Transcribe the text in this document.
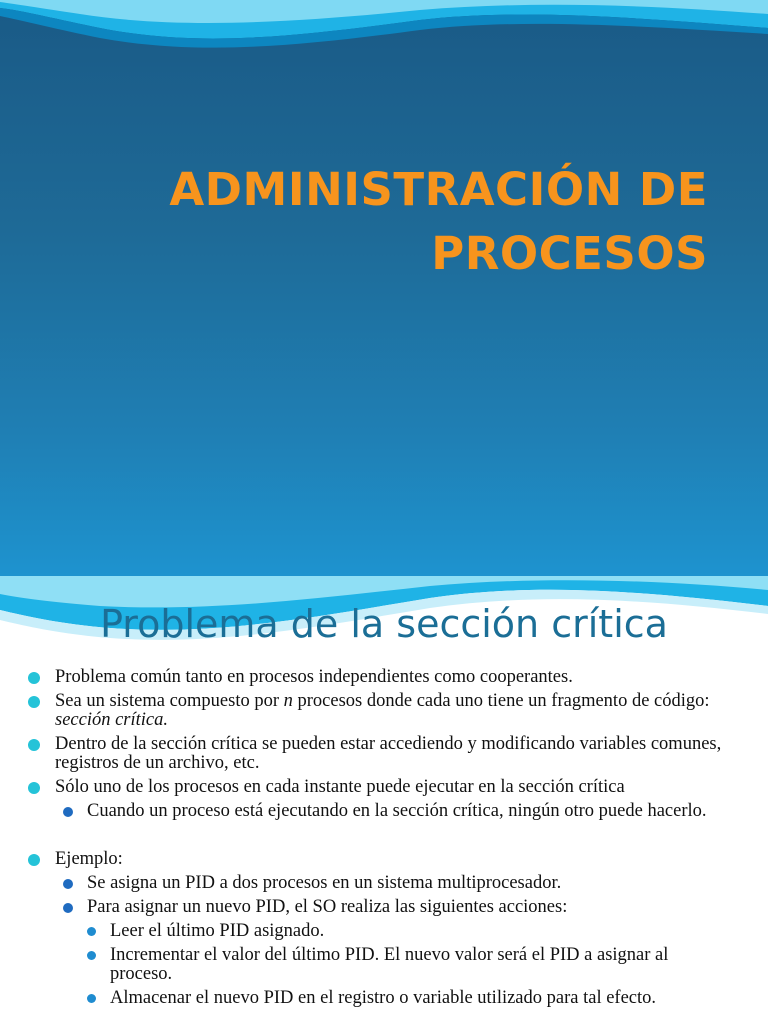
ADMINISTRACIÓN DE
PROCESOS
Problema de la sección crítica
Problema común tanto en procesos independientes como cooperantes.
Sea un sistema compuesto por n procesos donde cada uno tiene un fragmento de código: sección crítica.
Dentro de la sección crítica se pueden estar accediendo y modificando variables comunes, registros de un archivo, etc.
Sólo uno de los procesos en cada instante puede ejecutar en la sección crítica
Cuando un proceso está ejecutando en la sección crítica, ningún otro puede hacerlo.
Ejemplo:
Se asigna un PID a dos procesos en un sistema multiprocesador.
Para asignar un nuevo PID, el SO realiza las siguientes acciones:
Leer el último PID asignado.
Incrementar el valor del último PID. El nuevo valor será el PID a asignar al proceso.
Almacenar el nuevo PID en el registro o variable utilizado para tal efecto.
